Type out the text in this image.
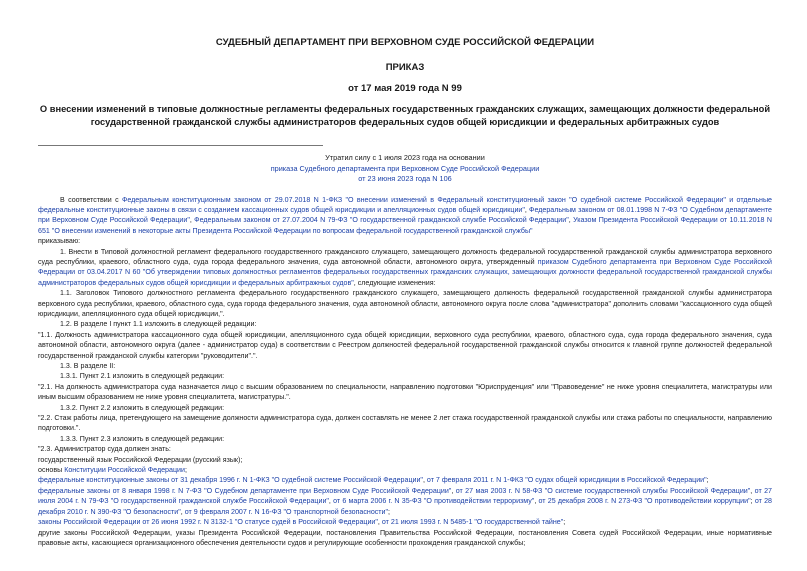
СУДЕБНЫЙ ДЕПАРТАМЕНТ ПРИ ВЕРХОВНОМ СУДЕ РОССИЙСКОЙ ФЕДЕРАЦИИ
ПРИКАЗ
от 17 мая 2019 года N 99
О внесении изменений в типовые должностные регламенты федеральных государственных гражданских служащих, замещающих должности федеральной государственной гражданской службы администраторов федеральных судов общей юрисдикции и федеральных арбитражных судов
Утратил силу с 1 июля 2023 года на основании
приказа Судебного департамента при Верховном Суде Российской Федерации
от 23 июня 2023 года N 106

В соответствии с Федеральным конституционным законом от 29.07.2018 N 1-ФКЗ "О внесении изменений в Федеральный конституционный закон "О судебной системе Российской Федерации" и отдельные федеральные конституционные законы в связи с созданием кассационных судов общей юрисдикции и апелляционных судов общей юрисдикции", Федеральным законом от 08.01.1998 N 7-ФЗ "О Судебном департаменте при Верховном Суде Российской Федерации", Федеральным законом от 27.07.2004 N 79-ФЗ "О государственной гражданской службе Российской Федерации", Указом Президента Российской Федерации от 10.11.2018 N 651 "О внесении изменений в некоторые акты Президента Российской Федерации по вопросам федеральной государственной гражданской службы"

приказываю:

1. Внести в Типовой должностной регламент федерального государственного гражданского служащего, замещающего должность федеральной государственной гражданской службы администратора верховного суда республики, краевого, областного суда, суда города федерального значения, суда автономной области, автономного округа, утвержденный приказом Судебного департамента при Верховном Суде Российской Федерации от 03.04.2017 N 60 "Об утверждении типовых должностных регламентов федеральных государственных гражданских служащих, замещающих должности федеральной государственной гражданской службы администраторов федеральных судов общей юрисдикции и федеральных арбитражных судов", следующие изменения:

1.1. Заголовок Типового должностного регламента федерального государственного гражданского служащего, замещающего должность федеральной государственной гражданской службы администратора верховного суда республики, краевого, областного суда, суда города федерального значения, суда автономной области, автономного округа после слова "администратора" дополнить словами "кассационного суда общей юрисдикции, апелляционного суда общей юрисдикции,".

1.2. В разделе I пункт 1.1 изложить в следующей редакции:

"1.1. Должность администратора кассационного суда общей юрисдикции, апелляционного суда общей юрисдикции, верховного суда республики, краевого, областного суда, суда города федерального значения, суда автономной области, автономного округа (далее - администратор суда) в соответствии с Реестром должностей федеральной государственной гражданской службы относится к главной группе должностей федеральной государственной гражданской службы категории "руководители".".

1.3. В разделе II:

1.3.1. Пункт 2.1 изложить в следующей редакции:

"2.1. На должность администратора суда назначается лицо с высшим образованием по специальности, направлению подготовки "Юриспруденция" или "Правоведение" не ниже уровня специалитета, магистратуры или иным высшим образованием не ниже уровня специалитета, магистратуры.".

1.3.2. Пункт 2.2 изложить в следующей редакции:

"2.2. Стаж работы лица, претендующего на замещение должности администратора суда, должен составлять не менее 2 лет стажа государственной гражданской службы или стажа работы по специальности, направлению подготовки.".

1.3.3. Пункт 2.3 изложить в следующей редакции:

"2.3. Администратор суда должен знать:

государственный язык Российской Федерации (русский язык);

основы Конституции Российской Федерации;

федеральные конституционные законы от 31 декабря 1996 г. N 1-ФКЗ "О судебной системе Российской Федерации", от 7 февраля 2011 г. N 1-ФКЗ "О судах общей юрисдикции в Российской Федерации";

федеральные законы от 8 января 1998 г. N 7-ФЗ "О Судебном департаменте при Верховном Суде Российской Федерации", от 27 мая 2003 г. N 58-ФЗ "О системе государственной службы Российской Федерации", от 27 июля 2004 г. N 79-ФЗ "О государственной гражданской службе Российской Федерации", от 6 марта 2006 г. N 35-ФЗ "О противодействии терроризму", от 25 декабря 2008 г. N 273-ФЗ "О противодействии коррупции"; от 28 декабря 2010 г. N 390-ФЗ "О безопасности", от 9 февраля 2007 г. N 16-ФЗ "О транспортной безопасности";

законы Российской Федерации от 26 июня 1992 г. N 3132-1 "О статусе судей в Российской Федерации", от 21 июля 1993 г. N 5485-1 "О государственной тайне";

другие законы Российской Федерации, указы Президента Российской Федерации, постановления Правительства Российской Федерации, постановления Совета судей Российской Федерации, иные нормативные правовые акты, касающиеся организационного обеспечения деятельности судов и регулирующие особенности прохождения гражданской службы;
